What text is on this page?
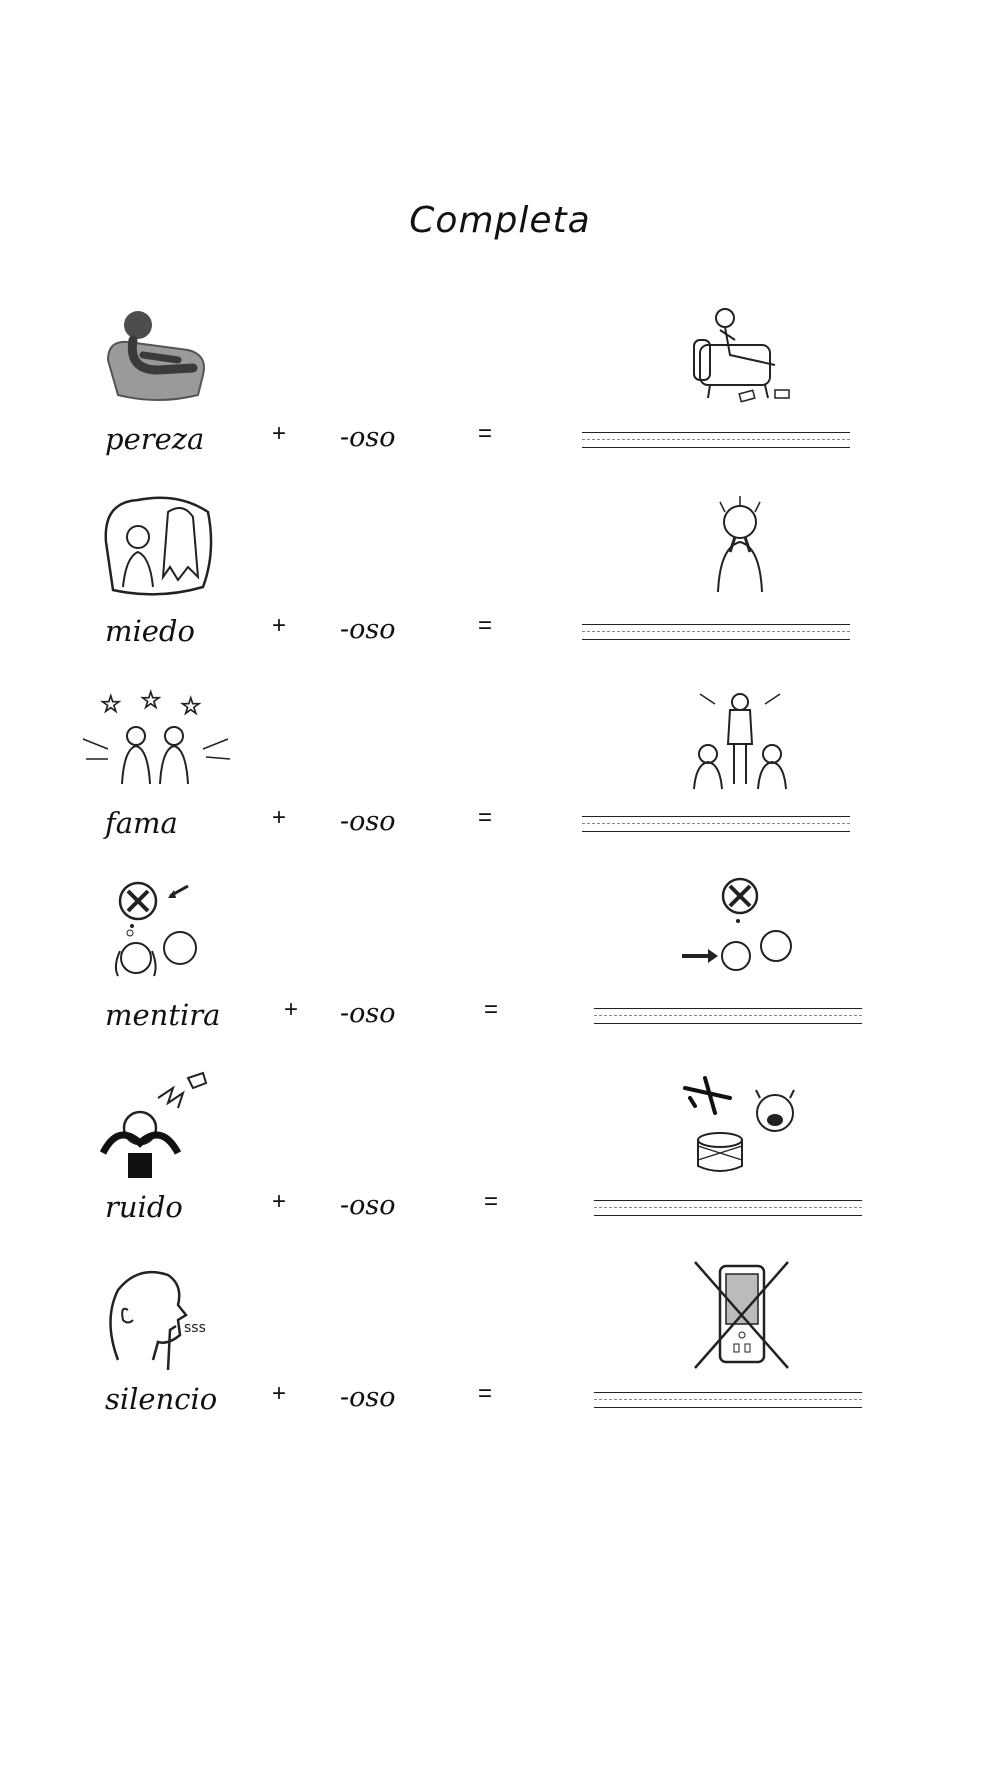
Completa
pereza	+ -oso	=
miedo	+ -oso	=
☆ ☆ ☆
fama	+ -oso	=
mentira	+ -oso	=
ruido	+ -oso	=
sss
silencio + -oso	=
